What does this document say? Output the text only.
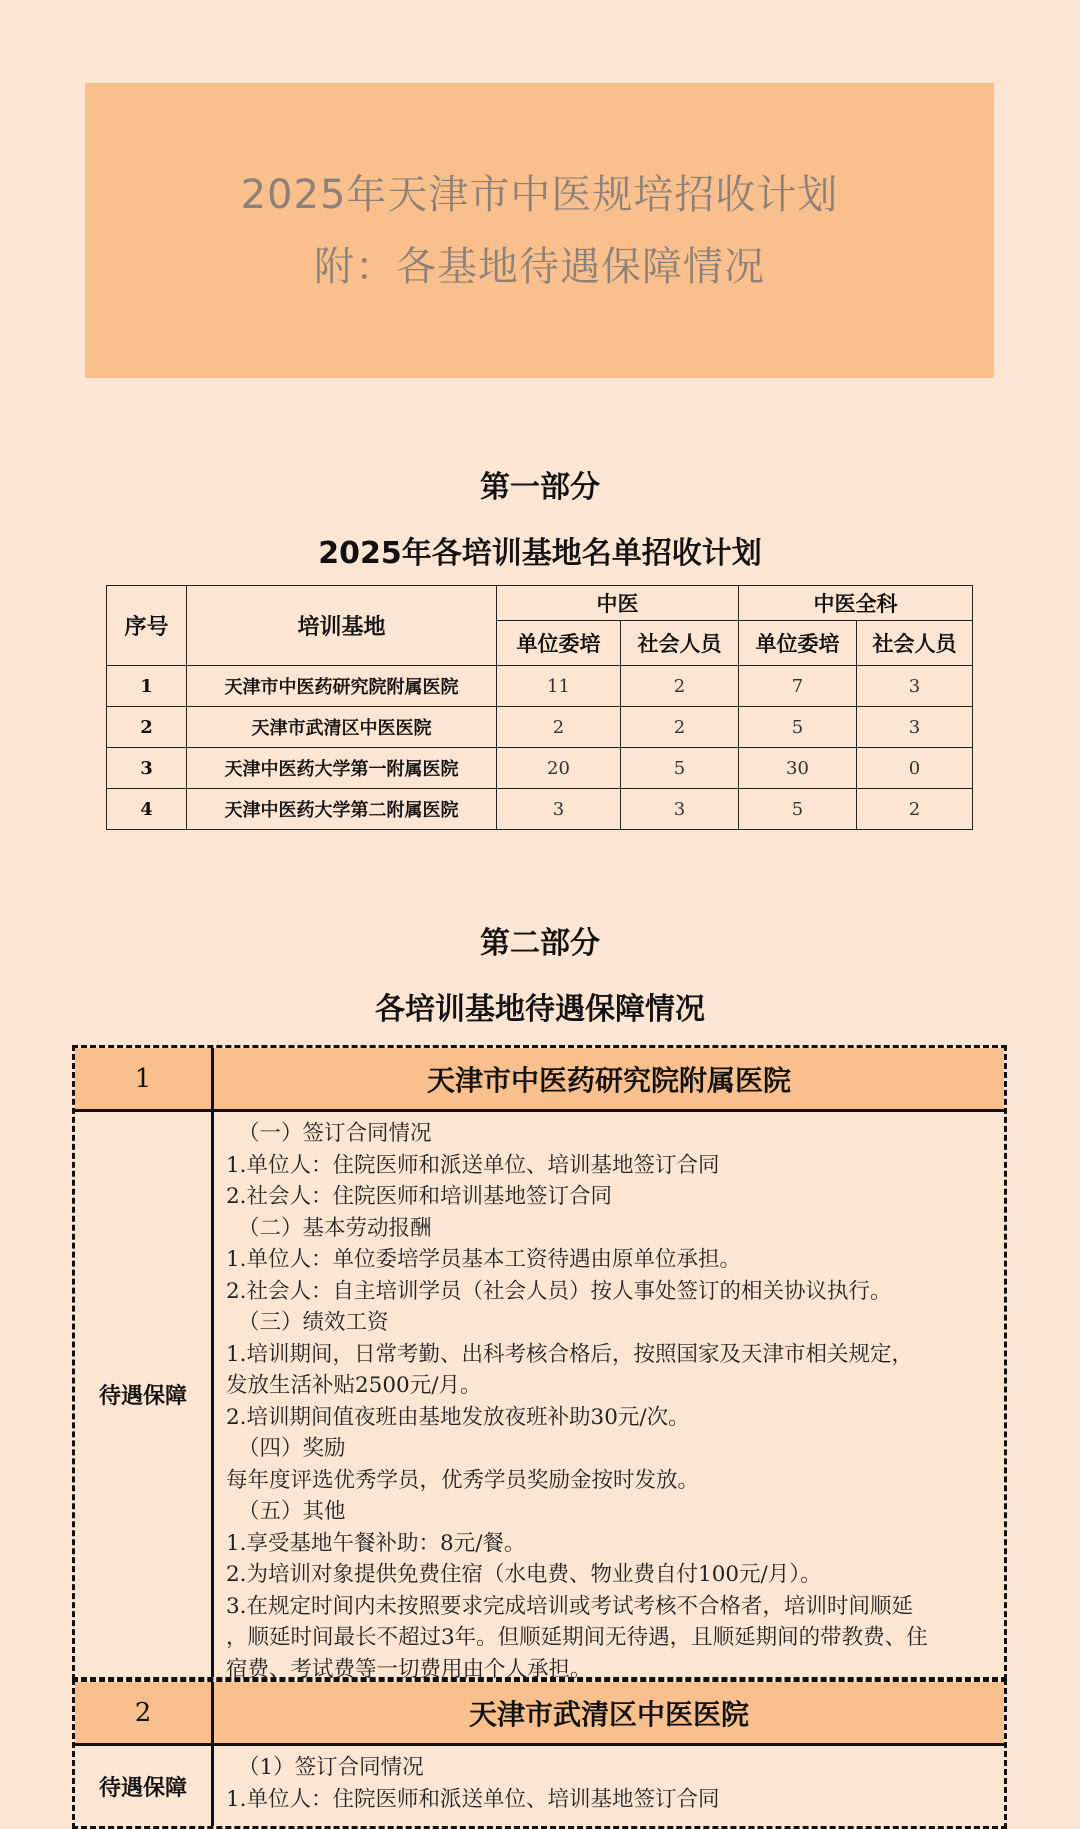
2025年天津市中医规培招收计划
附：各基地待遇保障情况
第一部分
2025年各培训基地名单招收计划
序号	培训基地	中医		中医全科	
		单位委培	社会人员	单位委培	社会人员
1	天津市中医药研究院附属医院	11	2	7	3
2	天津市武清区中医医院	2	2	5	3
3	天津中医药大学第一附属医院	20	5	30	0
4	天津中医药大学第二附属医院	3	3	5	2
第二部分
各培训基地待遇保障情况
1	天津市中医药研究院附属医院
待遇保障
（一）签订合同情况
1.单位人：住院医师和派送单位、培训基地签订合同
2.社会人：住院医师和培训基地签订合同
（二）基本劳动报酬
1.单位人：单位委培学员基本工资待遇由原单位承担。
2.社会人：自主培训学员（社会人员）按人事处签订的相关协议执行。
（三）绩效工资
1.培训期间，日常考勤、出科考核合格后，按照国家及天津市相关规定，
发放生活补贴2500元/月。
2.培训期间值夜班由基地发放夜班补助30元/次。
（四）奖励
每年度评选优秀学员，优秀学员奖励金按时发放。
（五）其他
1.享受基地午餐补助：8元/餐。
2.为培训对象提供免费住宿（水电费、物业费自付100元/月）。
3.在规定时间内未按照要求完成培训或考试考核不合格者，培训时间顺延
，顺延时间最长不超过3年。但顺延期间无待遇，且顺延期间的带教费、住
宿费、考试费等一切费用由个人承担。
2	天津市武清区中医医院
待遇保障
（1）签订合同情况
1.单位人：住院医师和派送单位、培训基地签订合同
